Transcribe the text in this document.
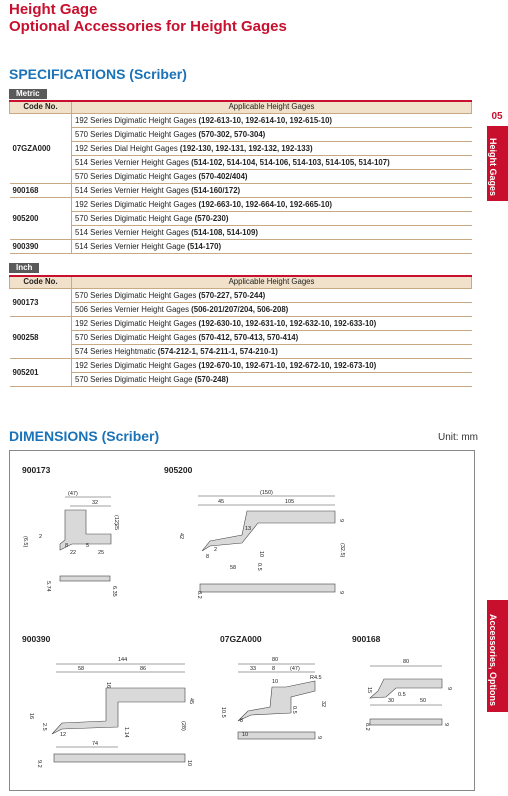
Height Gage
Optional Accessories for Height Gages
05
Height Gages
Accessories, Options
SPECIFICATIONS (Scriber)
Metric
Code No.	Applicable Height Gages
07GZA000	192 Series Digimatic Height Gages (192-613-10, 192-614-10, 192-615-10)
	570 Series Digimatic Height Gages (570-302, 570-304)
	192 Series Dial Height Gages (192-130, 192-131, 192-132, 192-133)
	514 Series Vernier Height Gages (514-102, 514-104, 514-106, 514-103, 514-105, 514-107)
	570 Series Digimatic Height Gages (570-402/404)
900168	514 Series Vernier Height Gages (514-160/172)
905200	192 Series Digimatic Height Gages (192-663-10, 192-664-10, 192-665-10)
	570 Series Digimatic Height Gage (570-230)
	514 Series Vernier Height Gages (514-108, 514-109)
900390	514 Series Vernier Height Gage (514-170)
Inch
Code No.	Applicable Height Gages
900173	570 Series Digimatic Height Gages (570-227, 570-244)
	506 Series Vernier Height Gages (506-201/207/204, 506-208)
900258	192 Series Digimatic Height Gages (192-630-10, 192-631-10, 192-632-10, 192-633-10)
	570 Series Digimatic Height Gages (570-412, 570-413, 570-414)
	574 Series Heightmatic (574-212-1, 574-211-1, 574-210-1)
905201	192 Series Digimatic Height Gages (192-670-10, 192-671-10, 192-672-10, 192-673-10)
	570 Series Digimatic Height Gage (570-248)
DIMENSIONS (Scriber)	Unit: mm
900173	905200
900390	07GZA000	900168
(47)
32
(12)
25
(6.5) 2
8
22
5
25
5.74	6.35
(150)
45	105
9
42
13
(32.5)
2
8
58	0.5
10
8.2	9
144
58	86
16
45
16
2.5
12
(28)
1.14
74
9.2	10
80
33	8	(47)
10
R4.5
10.5
32
0.5
8
10	9
80
15
30	50
0.5
9
8.2	9
